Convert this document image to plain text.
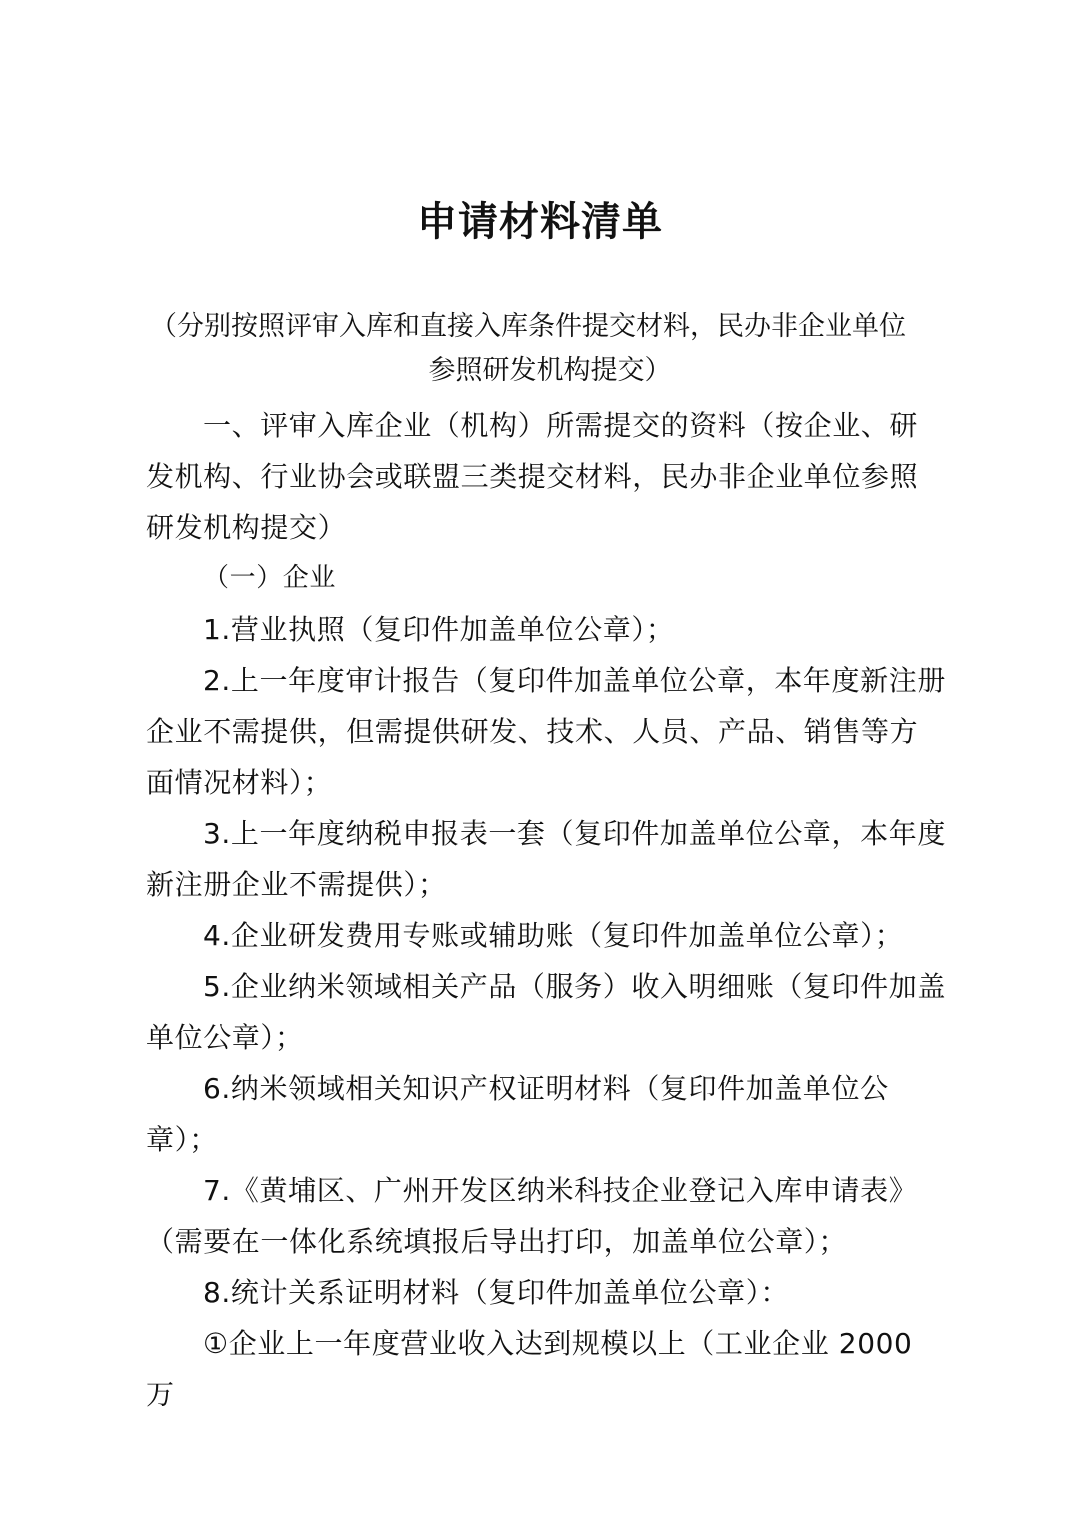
申请材料清单
（分别按照评审入库和直接入库条件提交材料，民办非企业单位
参照研发机构提交）

一、评审入库企业（机构）所需提交的资料（按企业、研发机构、行业协会或联盟三类提交材料，民办非企业单位参照研发机构提交）

（一）企业

1.营业执照（复印件加盖单位公章）；

2.上一年度审计报告（复印件加盖单位公章，本年度新注册企业不需提供，但需提供研发、技术、人员、产品、销售等方面情况材料）；

3.上一年度纳税申报表一套（复印件加盖单位公章，本年度新注册企业不需提供）；

4.企业研发费用专账或辅助账（复印件加盖单位公章）；

5.企业纳米领域相关产品（服务）收入明细账（复印件加盖单位公章）；

6.纳米领域相关知识产权证明材料（复印件加盖单位公章）；

7.《黄埔区、广州开发区纳米科技企业登记入库申请表》（需要在一体化系统填报后导出打印，加盖单位公章）；

8.统计关系证明材料（复印件加盖单位公章）：

①企业上一年度营业收入达到规模以上（工业企业 2000 万
